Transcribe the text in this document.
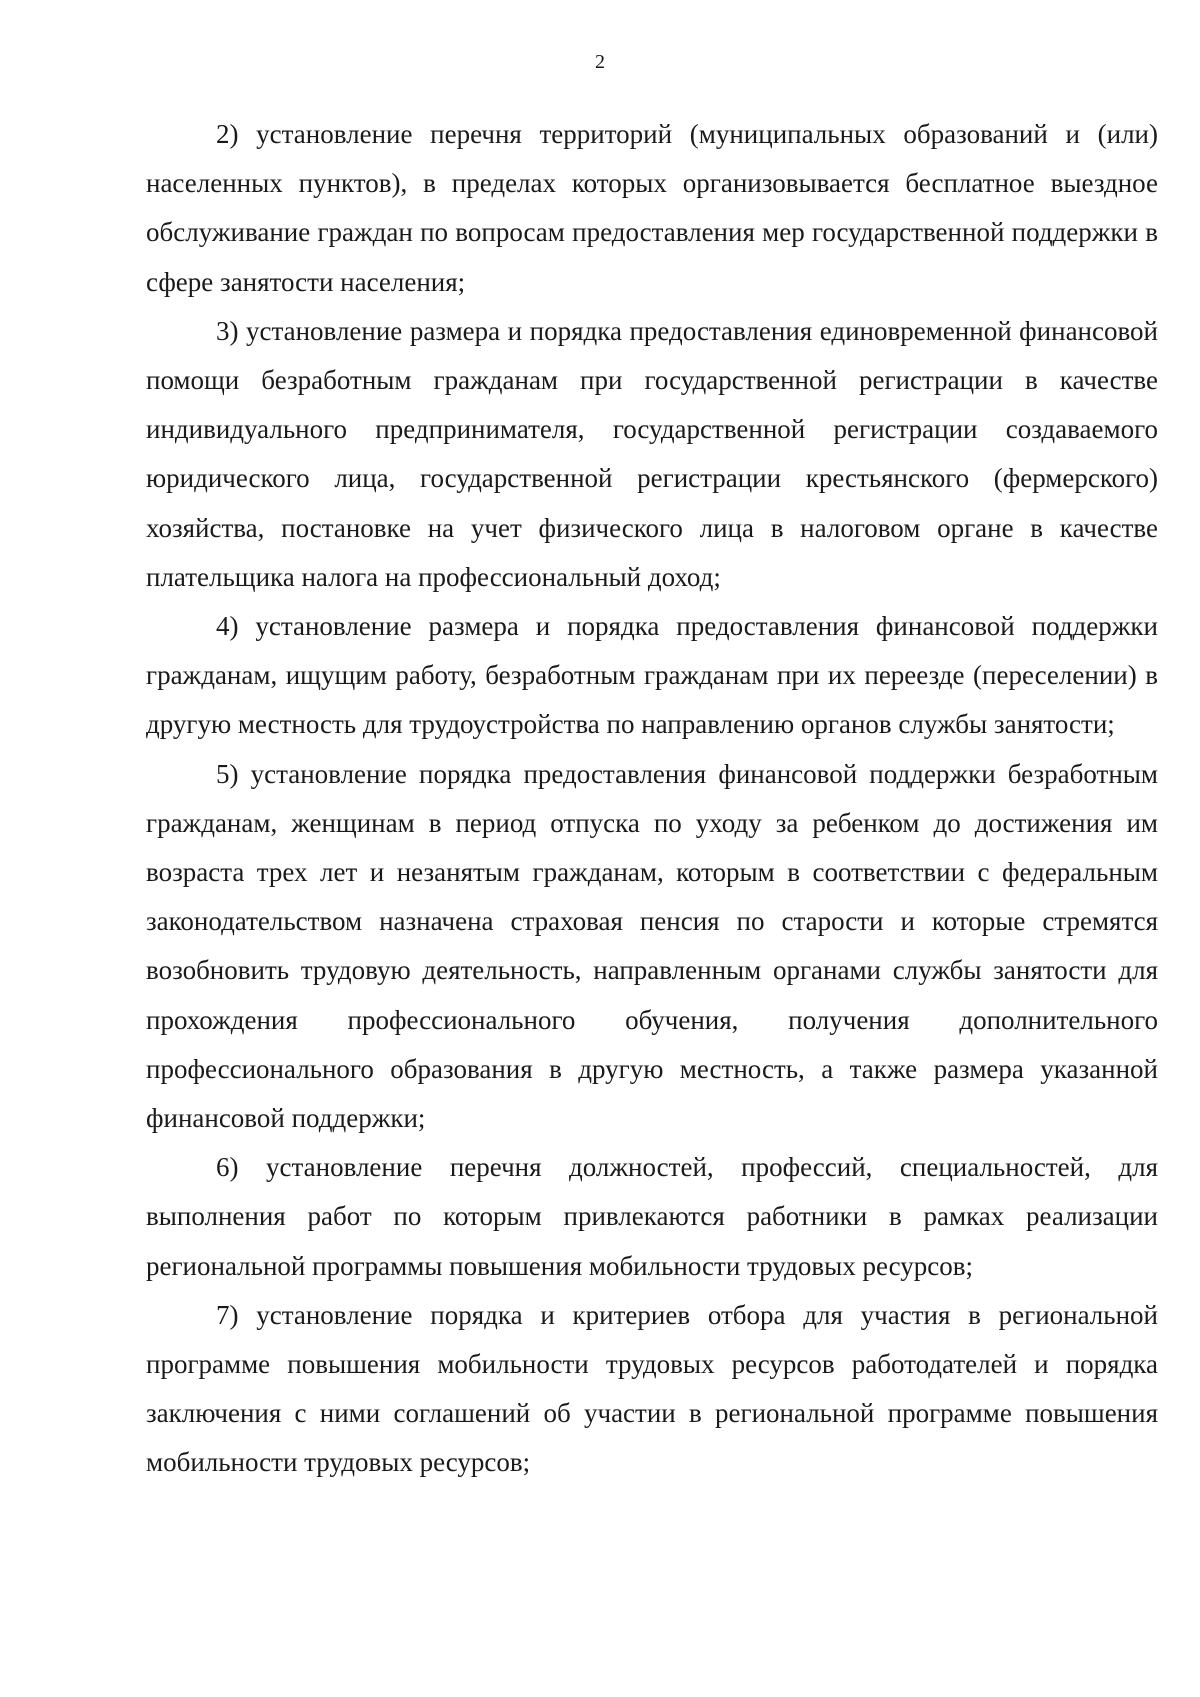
2

2) установление перечня территорий (муниципальных образований и (или) населенных пунктов), в пределах которых организовывается бесплатное выездное обслуживание граждан по вопросам предоставления мер государственной поддержки в сфере занятости населения;

3) установление размера и порядка предоставления единовременной финансовой помощи безработным гражданам при государственной регистрации в качестве индивидуального предпринимателя, государственной регистрации создаваемого юридического лица, государственной регистрации крестьянского (фермерского) хозяйства, постановке на учет физического лица в налоговом органе в качестве плательщика налога на профессиональный доход;

4) установление размера и порядка предоставления финансовой поддержки гражданам, ищущим работу, безработным гражданам при их переезде (переселении) в другую местность для трудоустройства по направлению органов службы занятости;

5) установление порядка предоставления финансовой поддержки безработным гражданам, женщинам в период отпуска по уходу за ребенком до достижения им возраста трех лет и незанятым гражданам, которым в соответствии с федеральным законодательством назначена страховая пенсия по старости и которые стремятся возобновить трудовую деятельность, направленным органами службы занятости для прохождения профессионального обучения, получения дополнительного профессионального образования в другую местность, а также размера указанной финансовой поддержки;

6) установление перечня должностей, профессий, специальностей, для выполнения работ по которым привлекаются работники в рамках реализации региональной программы повышения мобильности трудовых ресурсов;

7) установление порядка и критериев отбора для участия в региональной программе повышения мобильности трудовых ресурсов работодателей и порядка заключения с ними соглашений об участии в региональной программе повышения мобильности трудовых ресурсов;
